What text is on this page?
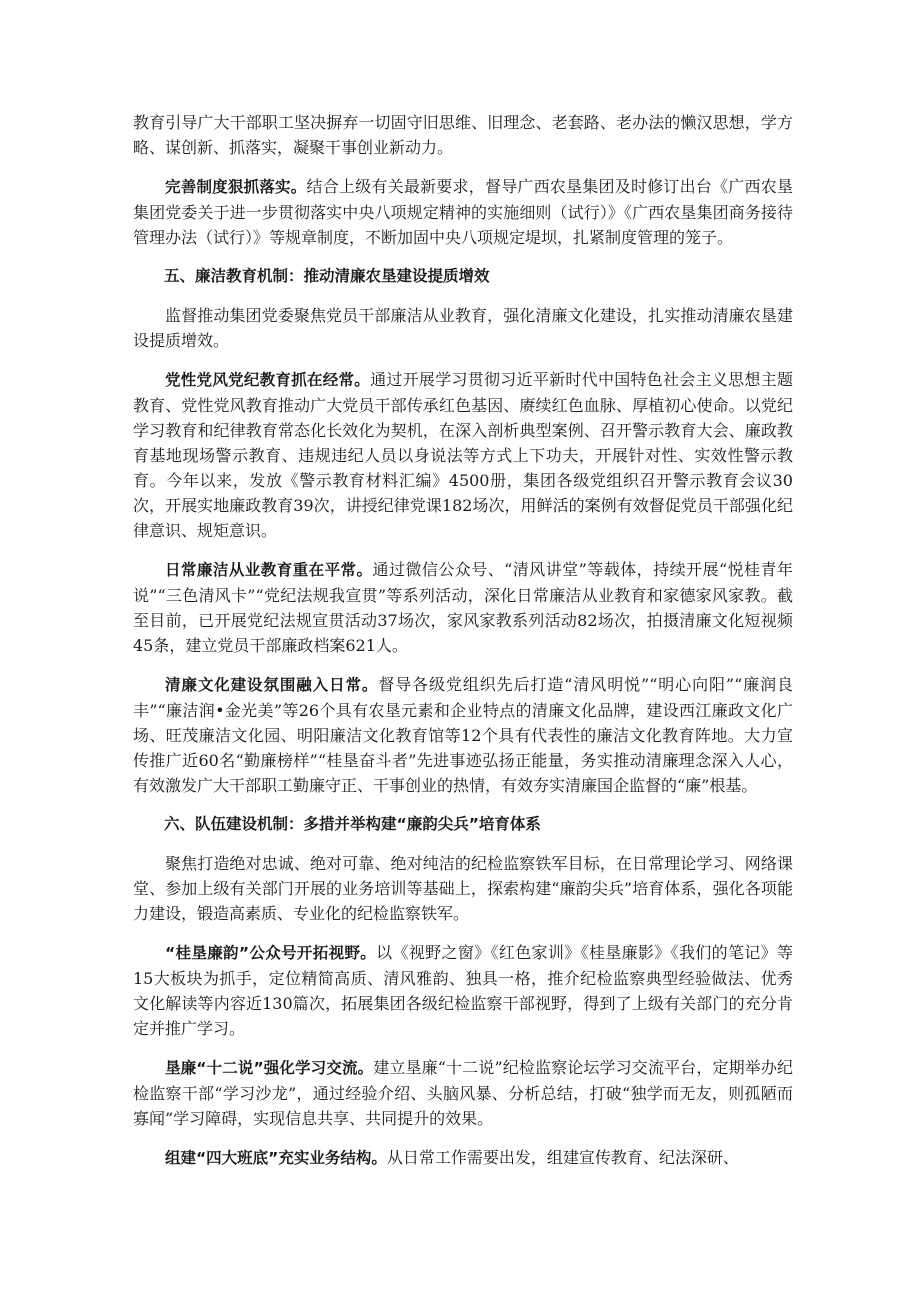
教育引导广大干部职工坚决摒弃一切固守旧思维、旧理念、老套路、老办法的懒汉思想，学方略、谋创新、抓落实，凝聚干事创业新动力。

完善制度狠抓落实。结合上级有关最新要求，督导广西农垦集团及时修订出台《广西农垦集团党委关于进一步贯彻落实中央八项规定精神的实施细则（试行）》《广西农垦集团商务接待管理办法（试行）》等规章制度，不断加固中央八项规定堤坝，扎紧制度管理的笼子。

五、廉洁教育机制：推动清廉农垦建设提质增效

监督推动集团党委聚焦党员干部廉洁从业教育，强化清廉文化建设，扎实推动清廉农垦建设提质增效。

党性党风党纪教育抓在经常。通过开展学习贯彻习近平新时代中国特色社会主义思想主题教育、党性党风教育推动广大党员干部传承红色基因、赓续红色血脉、厚植初心使命。以党纪学习教育和纪律教育常态化长效化为契机，在深入剖析典型案例、召开警示教育大会、廉政教育基地现场警示教育、违规违纪人员以身说法等方式上下功夫，开展针对性、实效性警示教育。今年以来，发放《警示教育材料汇编》4500册，集团各级党组织召开警示教育会议30次，开展实地廉政教育39次，讲授纪律党课182场次，用鲜活的案例有效督促党员干部强化纪律意识、规矩意识。

日常廉洁从业教育重在平常。通过微信公众号、“清风讲堂”等载体，持续开展“悦桂青年说”“三色清风卡”“党纪法规我宣贯”等系列活动，深化日常廉洁从业教育和家德家风家教。截至目前，已开展党纪法规宣贯活动37场次，家风家教系列活动82场次，拍摄清廉文化短视频45条，建立党员干部廉政档案621人。

清廉文化建设氛围融入日常。督导各级党组织先后打造“清风明悦”“明心向阳”“廉润良丰”“廉洁润•金光美”等26个具有农垦元素和企业特点的清廉文化品牌，建设西江廉政文化广场、旺茂廉洁文化园、明阳廉洁文化教育馆等12个具有代表性的廉洁文化教育阵地。大力宣传推广近60名“勤廉榜样”“桂垦奋斗者”先进事迹弘扬正能量，务实推动清廉理念深入人心，有效激发广大干部职工勤廉守正、干事创业的热情，有效夯实清廉国企监督的“廉”根基。

六、队伍建设机制：多措并举构建“廉韵尖兵”培育体系

聚焦打造绝对忠诚、绝对可靠、绝对纯洁的纪检监察铁军目标，在日常理论学习、网络课堂、参加上级有关部门开展的业务培训等基础上，探索构建“廉韵尖兵”培育体系，强化各项能力建设，锻造高素质、专业化的纪检监察铁军。

“桂垦廉韵”公众号开拓视野。以《视野之窗》《红色家训》《桂垦廉影》《我们的笔记》等15大板块为抓手，定位精简高质、清风雅韵、独具一格，推介纪检监察典型经验做法、优秀文化解读等内容近130篇次，拓展集团各级纪检监察干部视野，得到了上级有关部门的充分肯定并推广学习。

垦廉“十二说”强化学习交流。建立垦廉“十二说”纪检监察论坛学习交流平台，定期举办纪检监察干部“学习沙龙”，通过经验介绍、头脑风暴、分析总结，打破“独学而无友，则孤陋而寡闻”学习障碍，实现信息共享、共同提升的效果。

组建“四大班底”充实业务结构。从日常工作需要出发，组建宣传教育、纪法深研、
